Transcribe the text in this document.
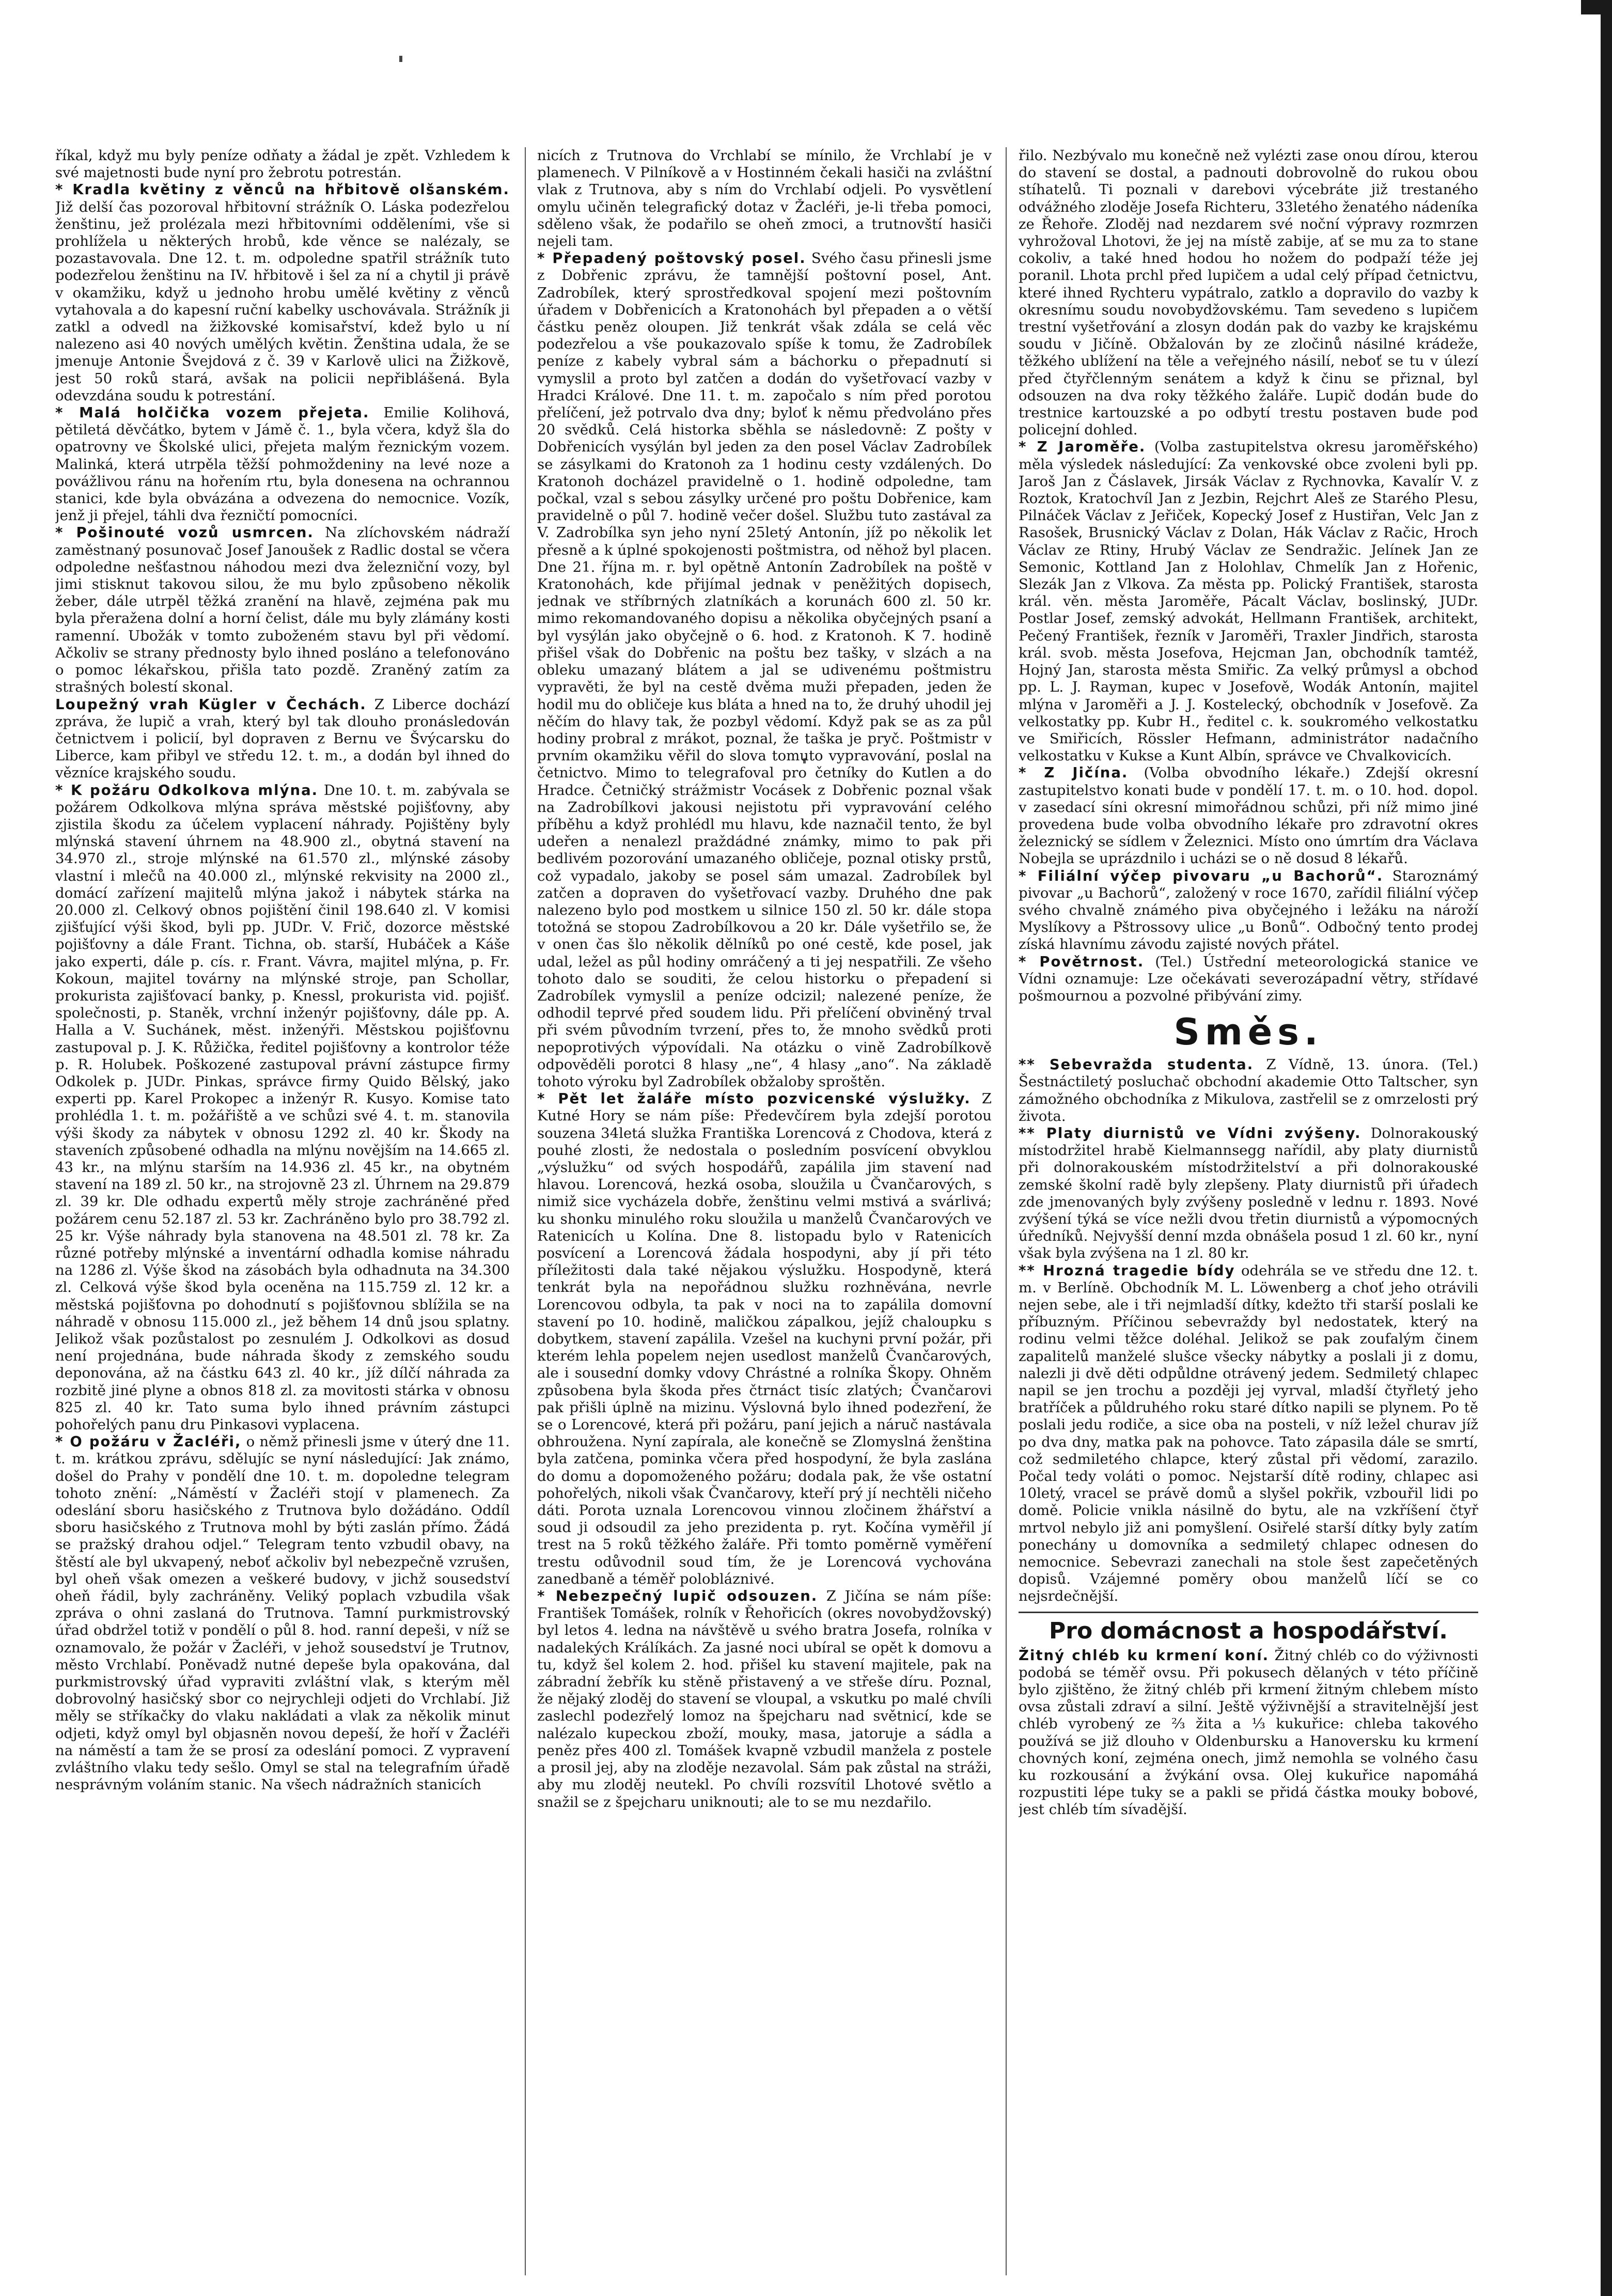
říkal, když mu byly peníze odňaty a žádal je zpět. Vzhledem k své majetnosti bude nyní pro žebrotu potrestán.

* Kradla květiny z věnců na hřbitově olšanském. Již delší čas pozoroval hřbitovní strážník O. Láska podezřelou ženštinu, jež prolézala mezi hřbitovními odděleními, vše si prohlížela u některých hrobů, kde věnce se nalézaly, se pozastavovala. Dne 12. t. m. odpoledne spatřil strážník tuto podezřelou ženštinu na IV. hřbitově i šel za ní a chytil ji právě v okamžiku, když u jednoho hrobu umělé květiny z věnců vytahovala a do kapesní ruční kabelky uschovávala. Strážník ji zatkl a odvedl na žižkovské komisařství, kdež bylo u ní nalezeno asi 40 nových umělých květin. Ženština udala, že se jmenuje Antonie Švejdová z č. 39 v Karlově ulici na Žižkově, jest 50 roků stará, avšak na policii nepřiblášená. Byla odevzdána soudu k potrestání.

* Malá holčička vozem přejeta. Emilie Kolihová, pětiletá děvčátko, bytem v Jámě č. 1., byla včera, když šla do opatrovny ve Školské ulici, přejeta malým řeznickým vozem. Malinká, která utrpěla těžší pohmoždeniny na levé noze a povážlivou ránu na hořením rtu, byla donesena na ochrannou stanici, kde byla obvázána a odvezena do nemocnice. Vozík, jenž ji přejel, táhli dva řezničtí pomocníci.

* Pošinouté vozů usmrcen. Na zlíchovském nádraží zaměstnaný posunovač Josef Janoušek z Radlic dostal se včera odpoledne nešťastnou náhodou mezi dva železniční vozy, byl jimi stisknut takovou silou, že mu bylo způsobeno několik žeber, dále utrpěl těžká zranění na hlavě, zejména pak mu byla přeražena dolní a horní čelist, dále mu byly zlámány kosti ramenní. Ubožák v tomto zuboženém stavu byl při vědomí. Ačkoliv se strany přednosty bylo ihned posláno a telefonováno o pomoc lékařskou, přišla tato pozdě. Zraněný zatím za strašných bolestí skonal.

Loupežný vrah Kügler v Čechách. Z Liberce dochází zpráva, že lupič a vrah, který byl tak dlouho pronásledován četnictvem i policií, byl dopraven z Bernu ve Švýcarsku do Liberce, kam přibyl ve středu 12. t. m., a dodán byl ihned do vězníce krajského soudu.

* K požáru Odkolkova mlýna. Dne 10. t. m. zabývala se požárem Odkolkova mlýna správa městské pojišťovny, aby zjistila škodu za účelem vyplacení náhrady. Pojištěny byly mlýnská stavení úhrnem na 48.900 zl., obytná stavení na 34.970 zl., stroje mlýnské na 61.570 zl., mlýnské zásoby vlastní i mlečů na 40.000 zl., mlýnské rekvisity na 2000 zl., domácí zařízení majitelů mlýna jakož i nábytek stárka na 20.000 zl. Celkový obnos pojištění činil 198.640 zl. V komisi zjišťující výši škod, byli pp. JUDr. V. Frič, dozorce městské pojišťovny a dále Frant. Tichna, ob. starší, Hubáček a Káše jako experti, dále p. cís. r. Frant. Vávra, majitel mlýna, p. Fr. Kokoun, majitel továrny na mlýnské stroje, pan Schollar, prokurista zajišťovací banky, p. Knessl, prokurista vid. pojišť. společnosti, p. Staněk, vrchní inženýr pojišťovny, dále pp. A. Halla a V. Suchánek, měst. inženýři. Městskou pojišťovnu zastupoval p. J. K. Růžička, ředitel pojišťovny a kontrolor téže p. R. Holubek. Poškozené zastupoval právní zástupce firmy Odkolek p. JUDr. Pinkas, správce firmy Quido Bělský, jako experti pp. Karel Prokopec a inženýr R. Kusyo. Komise tato prohlédla 1. t. m. požářiště a ve schůzi své 4. t. m. stanovila výši škody za nábytek v obnosu 1292 zl. 40 kr. Škody na staveních způsobené odhadla na mlýnu novějším na 14.665 zl. 43 kr., na mlýnu starším na 14.936 zl. 45 kr., na obytném stavení na 189 zl. 50 kr., na strojovně 23 zl. Úhrnem na 29.879 zl. 39 kr. Dle odhadu expertů měly stroje zachráněné před požárem cenu 52.187 zl. 53 kr. Zachráněno bylo pro 38.792 zl. 25 kr. Výše náhrady byla stanovena na 48.501 zl. 78 kr. Za různé potřeby mlýnské a inventární odhadla komise náhradu na 1286 zl. Výše škod na zásobách byla odhadnuta na 34.300 zl. Celková výše škod byla oceněna na 115.759 zl. 12 kr. a městská pojišťovna po dohodnutí s pojišťovnou sblížila se na náhradě v obnosu 115.000 zl., jež během 14 dnů jsou splatny. Jelikož však pozůstalost po zesnulém J. Odkolkovi as dosud není projednána, bude náhrada škody z zemského soudu deponována, až na částku 643 zl. 40 kr., jíž dílčí náhrada za rozbitě jiné plyne a obnos 818 zl. za movitosti stárka v obnosu 825 zl. 40 kr. Tato suma bylo ihned právním zástupci pohořelých panu dru Pinkasovi vyplacena.

* O požáru v Žacléři, o němž přinesli jsme v úterý dne 11. t. m. krátkou zprávu, sdělujíc se nyní následující: Jak známo, došel do Prahy v pondělí dne 10. t. m. dopoledne telegram tohoto znění: „Náměstí v Žacléři stojí v plamenech. Za odeslání sboru hasičského z Trutnova bylo dožádáno. Oddíl sboru hasičského z Trutnova mohl by býti zaslán přímo. Žádá se pražský drahou odjel.“ Telegram tento vzbudil obavy, na štěstí ale byl ukvapený, neboť ačkoliv byl nebezpečně vzrušen, byl oheň však omezen a veškeré budovy, v jichž sousedství oheň řádil, byly zachráněny. Veliký poplach vzbudila však zpráva o ohni zaslaná do Trutnova. Tamní purkmistrovský úřad obdržel totiž v pondělí o půl 8. hod. ranní depeši, v níž se oznamovalo, že požár v Žacléři, v jehož sousedství je Trutnov, město Vrchlabí. Poněvadž nutné depeše byla opakována, dal purkmistrovský úřad vypraviti zvláštní vlak, s kterým měl dobrovolný hasičský sbor co nejrychleji odjeti do Vrchlabí. Již měly se stříkačky do vlaku nakládati a vlak za několik minut odjeti, když omyl byl objasněn novou depeší, že hoří v Žacléři na náměstí a tam že se prosí za odeslání pomoci. Z vypravení zvláštního vlaku tedy sešlo. Omyl se stal na telegrafním úřadě nesprávným voláním stanic. Na všech nádražních stanicích

nicích z Trutnova do Vrchlabí se mínilo, že Vrchlabí je v plamenech. V Pilníkově a v Hostinném čekali hasiči na zvláštní vlak z Trutnova, aby s ním do Vrchlabí odjeli. Po vysvětlení omylu učiněn telegrafický dotaz v Žacléři, je-li třeba pomoci, sděleno však, že podařilo se oheň zmoci, a trutnovští hasiči nejeli tam.

* Přepadený poštovský posel. Svého času přinesli jsme z Dobřenic zprávu, že tamnější poštovní posel, Ant. Zadrobílek, který sprostředkoval spojení mezi poštovním úřadem v Dobřenicích a Kratonohách byl přepaden a o větší částku peněz oloupen. Již tenkrát však zdála se celá věc podezřelou a vše poukazovalo spíše k tomu, že Zadrobílek peníze z kabely vybral sám a báchorku o přepadnutí si vymyslil a proto byl zatčen a dodán do vyšetřovací vazby v Hradci Králové. Dne 11. t. m. započalo s ním před porotou přelíčení, jež potrvalo dva dny; byloť k němu předvoláno přes 20 svědků. Celá historka sběhla se následovně: Z pošty v Dobřenicích vysýlán byl jeden za den posel Václav Zadrobílek se zásylkami do Kratonoh za 1 hodinu cesty vzdálených. Do Kratonoh docházel pravidelně o 1. hodině odpoledne, tam počkal, vzal s sebou zásylky určené pro poštu Dobřenice, kam pravidelně o půl 7. hodině večer došel. Službu tuto zastával za V. Zadrobílka syn jeho nyní 25letý Antonín, jíž po několik let přesně a k úplné spokojenosti poštmistra, od něhož byl placen. Dne 21. října m. r. byl opětně Antonín Zadrobílek na poště v Kratonohách, kde přijímal jednak v peněžitých dopisech, jednak ve stříbrných zlatníkách a korunách 600 zl. 50 kr. mimo rekomandovaného dopisu a několika obyčejných psaní a byl vysýlán jako obyčejně o 6. hod. z Kratonoh. K 7. hodině přišel však do Dobřenic na poštu bez tašky, v slzách a na obleku umazaný blátem a jal se udivenému poštmistru vypravěti, že byl na cestě dvěma muži přepaden, jeden že hodil mu do obličeje kus bláta a hned na to, že druhý uhodil jej něčím do hlavy tak, že pozbyl vědomí. Když pak se as za půl hodiny probral z mrákot, poznal, že taška je pryč. Poštmistr v prvním okamžiku věřil do slova tomuto vypravování, poslal na četnictvo. Mimo to telegrafoval pro četníky do Kutlen a do Hradce. Četničký strážmistr Vocásek z Dobřenic poznal však na Zadrobílkovi jakousi nejistotu při vypravování celého příběhu a když prohlédl mu hlavu, kde naznačil tento, že byl udeřen a nenalezl praždádné známky, mimo to pak při bedlivém pozorování umazaného obličeje, poznal otisky prstů, což vypadalo, jakoby se posel sám umazal. Zadrobílek byl zatčen a dopraven do vyšetřovací vazby. Druhého dne pak nalezeno bylo pod mostkem u silnice 150 zl. 50 kr. dále stopa totožná se stopou Zadrobílkovou a 20 kr. Dále vyšetřilo se, že v onen čas šlo několik dělníků po oné cestě, kde posel, jak udal, ležel as půl hodiny omráčený a ti jej nespatřili. Ze všeho tohoto dalo se souditi, že celou historku o přepadení si Zadrobílek vymyslil a peníze odcizil; nalezené peníze, že odhodil teprvé před soudem lidu. Při přelíčení obviněný trval při svém původním tvrzení, přes to, že mnoho svědků proti nepoprotivých výpovídali. Na otázku o vině Zadrobílkově odpověděli porotci 8 hlasy „ne“, 4 hlasy „ano“. Na základě tohoto výroku byl Zadrobílek obžaloby sproštěn.

* Pět let žaláře místo pozvicenské výslužky. Z Kutné Hory se nám píše: Předevčírem byla zdejší porotou souzena 34letá služka Františka Lorencová z Chodova, která z pouhé zlosti, že nedostala o posledním posvícení obvyklou „výslužku“ od svých hospodářů, zapálila jim stavení nad hlavou. Lorencová, hezká osoba, sloužila u Čvančarových, s nimiž sice vycházela dobře, ženštinu velmi mstivá a svárlivá; ku shonku minulého roku sloužila u manželů Čvančarových ve Ratenicích u Kolína. Dne 8. listopadu bylo v Ratenicích posvícení a Lorencová žádala hospodyni, aby jí při této příležitosti dala také nějakou výslužku. Hospodyně, která tenkrát byla na nepořádnou služku rozhněvána, nevrle Lorencovou odbyla, ta pak v noci na to zapálila domovní stavení po 10. hodině, maličkou zápalkou, jejíž chaloupku s dobytkem, stavení zapálila. Vzešel na kuchyni první požár, při kterém lehla popelem nejen usedlost manželů Čvančarových, ale i sousední domky vdovy Chrástné a rolníka Škopy. Ohněm způsobena byla škoda přes čtrnáct tisíc zlatých; Čvančarovi pak přišli úplně na mizinu. Výslovná bylo ihned podezření, že se o Lorencové, která při požáru, paní jejich a náruč nastávala obhroužena. Nyní zapírala, ale konečně se Zlomyslná ženština byla zatčena, pominka včera před hospodyní, že byla zaslána do domu a dopomoženého požáru; dodala pak, že vše ostatní pohořelých, nikoli však Čvančarovy, kteří prý jí nechtěli ničeho dáti. Porota uznala Lorencovou vinnou zločinem žhářství a soud ji odsoudil za jeho prezidenta p. ryt. Kočína vyměřil jí trest na 5 roků těžkého žaláře. Při tomto poměrně vyměření trestu odůvodnil soud tím, že je Lorencová vychována zanedbaně a téměř polobláznivé.

* Nebezpečný lupič odsouzen. Z Jičína se nám píše: František Tomášek, rolník v Řehořicích (okres novobydžovský) byl letos 4. ledna na návštěvě u svého bratra Josefa, rolníka v nadalekých Králíkách. Za jasné noci ubíral se opět k domovu a tu, když šel kolem 2. hod. přišel ku stavení majitele, pak na zábradní žebřík ku stěně přistavený a ve střeše díru. Poznal, že nějaký zloděj do stavení se vloupal, a vskutku po malé chvíli zaslechl podezřelý lomoz na špejcharu nad světnicí, kde se nalézalo kupeckou zboží, mouky, masa, jatoruje a sádla a peněz přes 400 zl. Tomášek kvapně vzbudil manžela z postele a prosil jej, aby na zloděje nezavolal. Sám pak zůstal na stráži, aby mu zloděj neutekl. Po chvíli rozsvítil Lhotové světlo a snažil se z špejcharu uniknouti; ale to se mu nezdařilo.

řilo. Nezbývalo mu konečně než vylézti zase onou dírou, kterou do stavení se dostal, a padnouti dobrovolně do rukou obou stíhatelů. Ti poznali v darebovi výcebráte již trestaného odvážného zloděje Josefa Richteru, 33letého ženatého nádeníka ze Řehoře. Zloděj nad nezdarem své noční výpravy rozmrzen vyhrožoval Lhotovi, že jej na místě zabije, ať se mu za to stane cokoliv, a také hned hodou ho nožem do podpaží téže jej poranil. Lhota prchl před lupičem a udal celý případ četnictvu, které ihned Rychteru vypátralo, zatklo a dopravilo do vazby k okresnímu soudu novobydžovskému. Tam sevedeno s lupičem trestní vyšetřování a zlosyn dodán pak do vazby ke krajskému soudu v Jičíně. Obžalován by ze zločinů násilné krádeže, těžkého ublížení na těle a veřejného násilí, neboť se tu v úlezí před čtyřčlenným senátem a když k činu se přiznal, byl odsouzen na dva roky těžkého žaláře. Lupič dodán bude do trestnice kartouzské a po odbytí trestu postaven bude pod policejní dohled.

* Z Jaroměře. (Volba zastupitelstva okresu jaroměřského) měla výsledek následující: Za venkovské obce zvoleni byli pp. Jaroš Jan z Čáslavek, Jirsák Václav z Rychnovka, Kavalír V. z Roztok, Kratochvíl Jan z Jezbin, Rejchrt Aleš ze Starého Plesu, Pilnáček Václav z Jeřiček, Kopecký Josef z Hustiřan, Velc Jan z Rasošek, Brusnický Václav z Dolan, Hák Václav z Račic, Hroch Václav ze Rtiny, Hrubý Václav ze Sendražic. Jelínek Jan ze Semonic, Kottland Jan z Holohlav, Chmelík Jan z Hořenic, Slezák Jan z Vlkova. Za města pp. Polický František, starosta král. věn. města Jaroměře, Pácalt Václav, boslinský, JUDr. Postlar Josef, zemský advokát, Hellmann František, architekt, Pečený František, řezník v Jaroměři, Traxler Jindřich, starosta král. svob. města Josefova, Hejcman Jan, obchodník tamtéž, Hojný Jan, starosta města Smiřic. Za velký průmysl a obchod pp. L. J. Rayman, kupec v Josefově, Wodák Antonín, majitel mlýna v Jaroměři a J. J. Kostelecký, obchodník v Josefově. Za velkostatky pp. Kubr H., ředitel c. k. soukromého velkostatku ve Smiřicích, Rössler Hefmann, administrátor nadačního velkostatku v Kukse a Kunt Albín, správce ve Chvalkovicích.

* Z Jičína. (Volba obvodního lékaře.) Zdejší okresní zastupitelstvo konati bude v pondělí 17. t. m. o 10. hod. dopol. v zasedací síni okresní mimořádnou schůzi, při níž mimo jiné provedena bude volba obvodního lékaře pro zdravotní okres železnický se sídlem v Železnici. Místo ono úmrtím dra Václava Nobejla se uprázdnilo i ucházi se o ně dosud 8 lékařů.

* Filiální výčep pivovaru „u Bachorů“. Staroznámý pivovar „u Bachorů“, založený v roce 1670, zařídil filiální výčep svého chvalně známého piva obyčejného i ležáku na nároží Myslíkovy a Pštrossovy ulice „u Bonů“. Odbočný tento prodej získá hlavnímu závodu zajisté nových přátel.

* Povětrnost. (Tel.) Ústřední meteorologická stanice ve Vídni oznamuje: Lze očekávati severozápadní větry, střídavé pošmournou a pozvolné přibývání zimy.

Směs.

** Sebevražda studenta. Z Vídně, 13. února. (Tel.) Šestnáctiletý posluchač obchodní akademie Otto Taltscher, syn zámožného obchodníka z Mikulova, zastřelil se z omrzelosti prý života.

** Platy diurnistů ve Vídni zvýšeny. Dolnorakouský místodržitel hrabě Kielmannsegg nařídil, aby platy diurnistů při dolnorakouském místodržitelství a při dolnorakouské zemské školní radě byly zlepšeny. Platy diurnistů při úřadech zde jmenovaných byly zvýšeny posledně v lednu r. 1893. Nové zvýšení týká se více nežli dvou třetin diurnistů a výpomocných úředníků. Nejvyšší denní mzda obnášela posud 1 zl. 60 kr., nyní však byla zvýšena na 1 zl. 80 kr.

** Hrozná tragedie bídy odehrála se ve středu dne 12. t. m. v Berlíně. Obchodník M. L. Löwenberg a choť jeho otrávili nejen sebe, ale i tři nejmladší dítky, kdežto tři starší poslali ke příbuzným. Příčinou sebevraždy byl nedostatek, který na rodinu velmi těžce doléhal. Jelikož se pak zoufalým činem zapalitelů manželé slušce všecky nábytky a poslali ji z domu, nalezli ji dvě děti odpůldne otrávený jedem. Sedmiletý chlapec napil se jen trochu a později jej vyrval, mladší čtyřletý jeho bratříček a půldruhého roku staré dítko napili se plynem. Po tě poslali jedu rodiče, a sice oba na posteli, v níž ležel churav jíž po dva dny, matka pak na pohovce. Tato zápasila dále se smrtí, což sedmiletého chlapce, který zůstal při vědomí, zarazilo. Počal tedy voláti o pomoc. Nejstarší dítě rodiny, chlapec asi 10letý, vracel se právě domů a slyšel pokřik, vzbouřil lidi po domě. Policie vnikla násilně do bytu, ale na vzkříšení čtyř mrtvol nebylo již ani pomyšlení. Osiřelé starší dítky byly zatím ponechány u domovníka a sedmiletý chlapec odnesen do nemocnice. Sebevrazi zanechali na stole šest zapečetěných dopisů. Vzájemné poměry obou manželů líčí se co nejsrdečnější.

Pro domácnost a hospodářství.

Žitný chléb ku krmení koní. Žitný chléb co do výživnosti podobá se téměř ovsu. Při pokusech dělaných v této příčině bylo zjištěno, že žitný chléb při krmení žitným chlebem místo ovsa zůstali zdraví a silní. Ještě výživnější a stravitelnější jest chléb vyrobený ze ⅔ žita a ⅓ kukuřice: chleba takového používá se již dlouho v Oldenbursku a Hanoversku ku krmení chovných koní, zejména onech, jimž nemohla se volného času ku rozkousání a žvýkání ovsa. Olej kukuřice napomáhá rozpustiti lépe tuky se a pakli se přidá částka mouky bobové, jest chléb tím sívadější.
